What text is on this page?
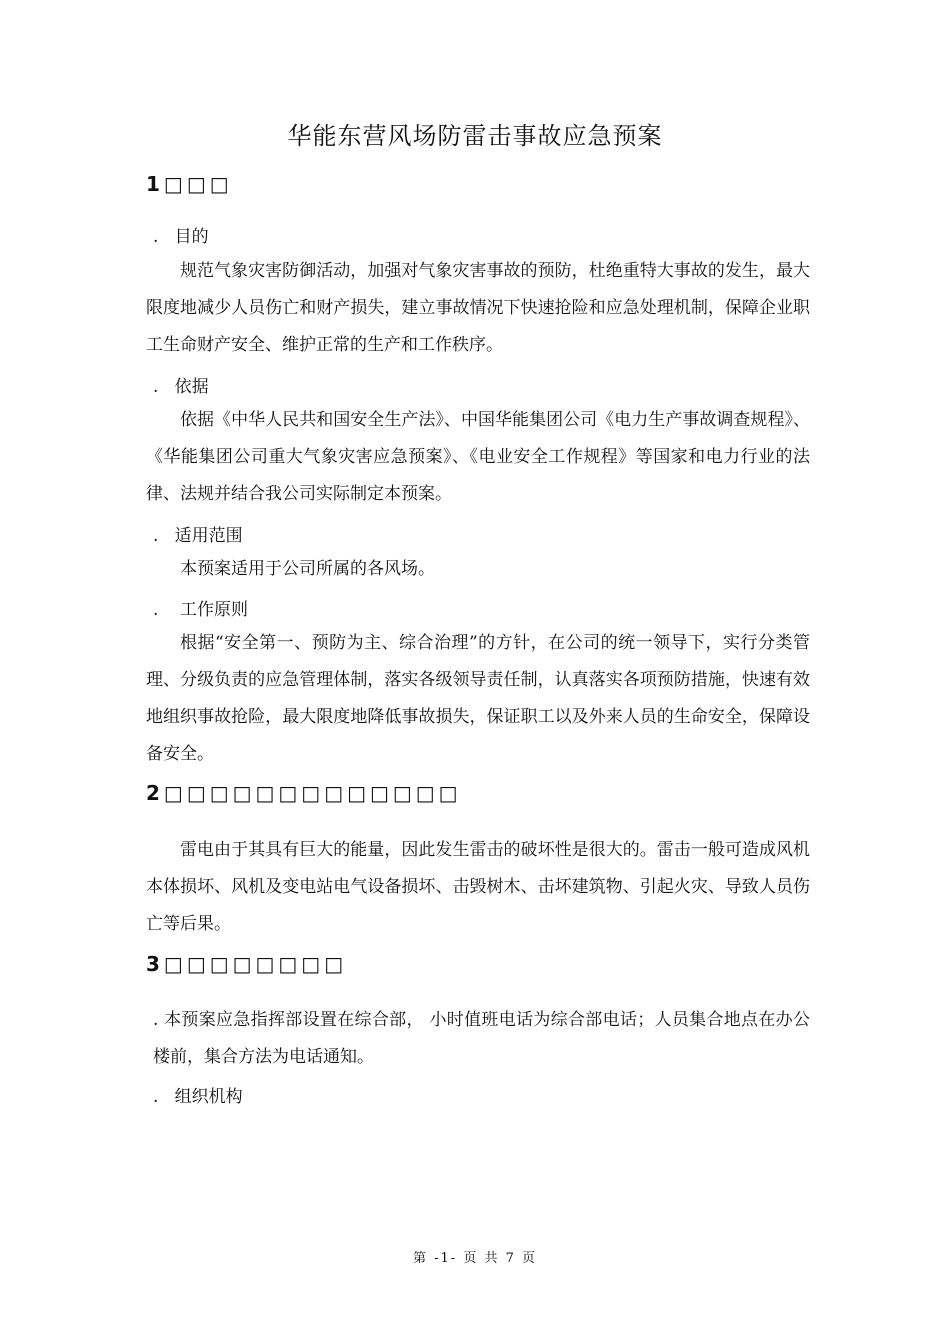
华能东营风场防雷击事故应急预案
1□□□
.   目的

规范气象灾害防御活动，加强对气象灾害事故的预防，杜绝重特大事故的发生，最大限度地减少人员伤亡和财产损失，建立事故情况下快速抢险和应急处理机制，保障企业职工生命财产安全、维护正常的生产和工作秩序。

.   依据

依据《中华人民共和国安全生产法》、中国华能集团公司《电力生产事故调查规程》、《华能集团公司重大气象灾害应急预案》、《电业安全工作规程》等国家和电力行业的法律、法规并结合我公司实际制定本预案。

.   适用范围

本预案适用于公司所属的各风场。

.    工作原则

根据“安全第一、预防为主、综合治理”的方针，在公司的统一领导下，实行分类管理、分级负责的应急管理体制，落实各级领导责任制，认真落实各项预防措施，快速有效地组织事故抢险，最大限度地降低事故损失，保证职工以及外来人员的生命安全，保障设备安全。

2□□□□□□□□□□□□□

雷电由于其具有巨大的能量，因此发生雷击的破坏性是很大的。雷击一般可造成风机本体损坏、风机及变电站电气设备损坏、击毁树木、击坏建筑物、引起火灾、导致人员伤亡等后果。

3□□□□□□□□

. 本预案应急指挥部设置在综合部， 小时值班电话为综合部电话；人员集合地点在办公楼前，集合方法为电话通知。

.   组织机构
第 -1- 页 共 7 页
